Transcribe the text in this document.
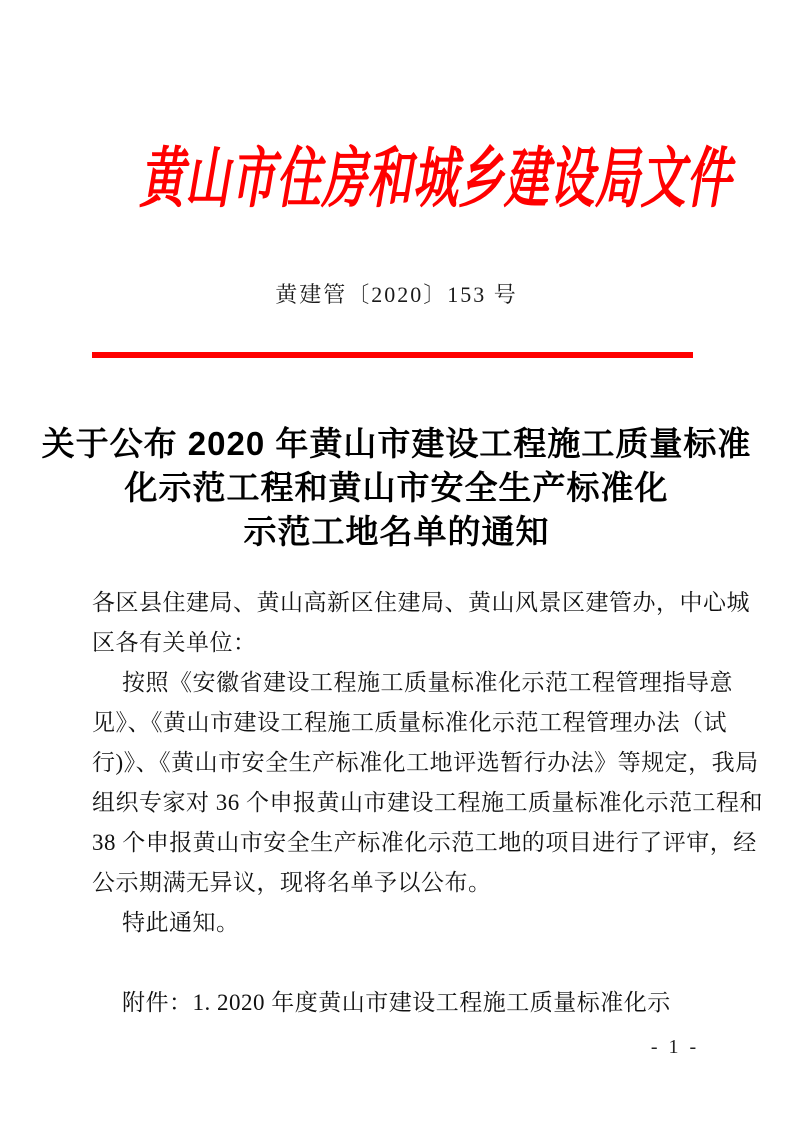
黄山市住房和城乡建设局文件
黄建管〔2020〕153 号
关于公布 2020 年黄山市建设工程施工质量标准
化示范工程和黄山市安全生产标准化
示范工地名单的通知
各区县住建局、黄山高新区住建局、黄山风景区建管办，中心城
区各有关单位：
按照《安徽省建设工程施工质量标准化示范工程管理指导意
见》、《黄山市建设工程施工质量标准化示范工程管理办法（试
行)》、《黄山市安全生产标准化工地评选暂行办法》等规定，我局
组织专家对 36 个申报黄山市建设工程施工质量标准化示范工程和
38 个申报黄山市安全生产标准化示范工地的项目进行了评审，经
公示期满无异议，现将名单予以公布。
特此通知。

附件：1. 2020 年度黄山市建设工程施工质量标准化示
- 1 -
